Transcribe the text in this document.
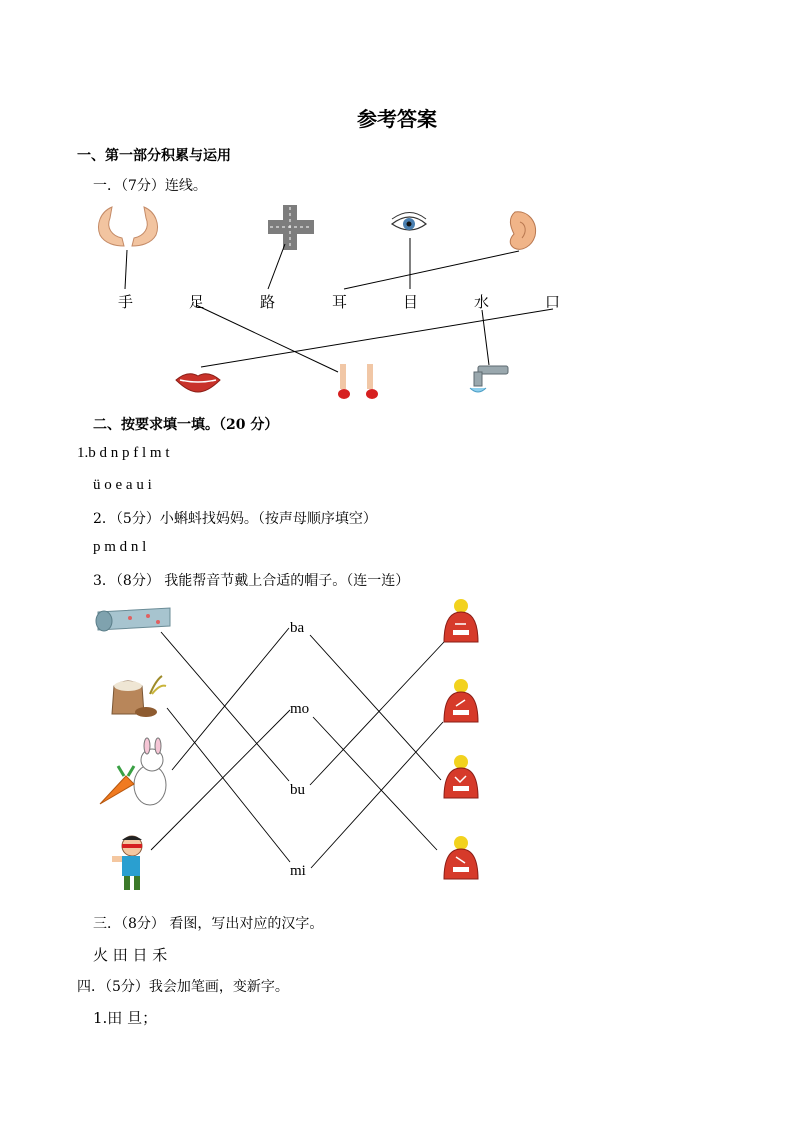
参考答案
一、第一部分积累与运用
一．（7分）连线。
手	足	路	耳	目	水	口
二、按要求填一填。（20 分）
1.b d n p f l m t
ü o e a u i
2．（5分）小蝌蚪找妈妈。（按声母顺序填空）
p m d n l
3．（8分） 我能帮音节戴上合适的帽子。（连一连）
ba
mo
bu
mi
三．（8分） 看图，写出对应的汉字。
火 田 日 禾
四．（5分）我会加笔画，变新字。
1.田 旦；
